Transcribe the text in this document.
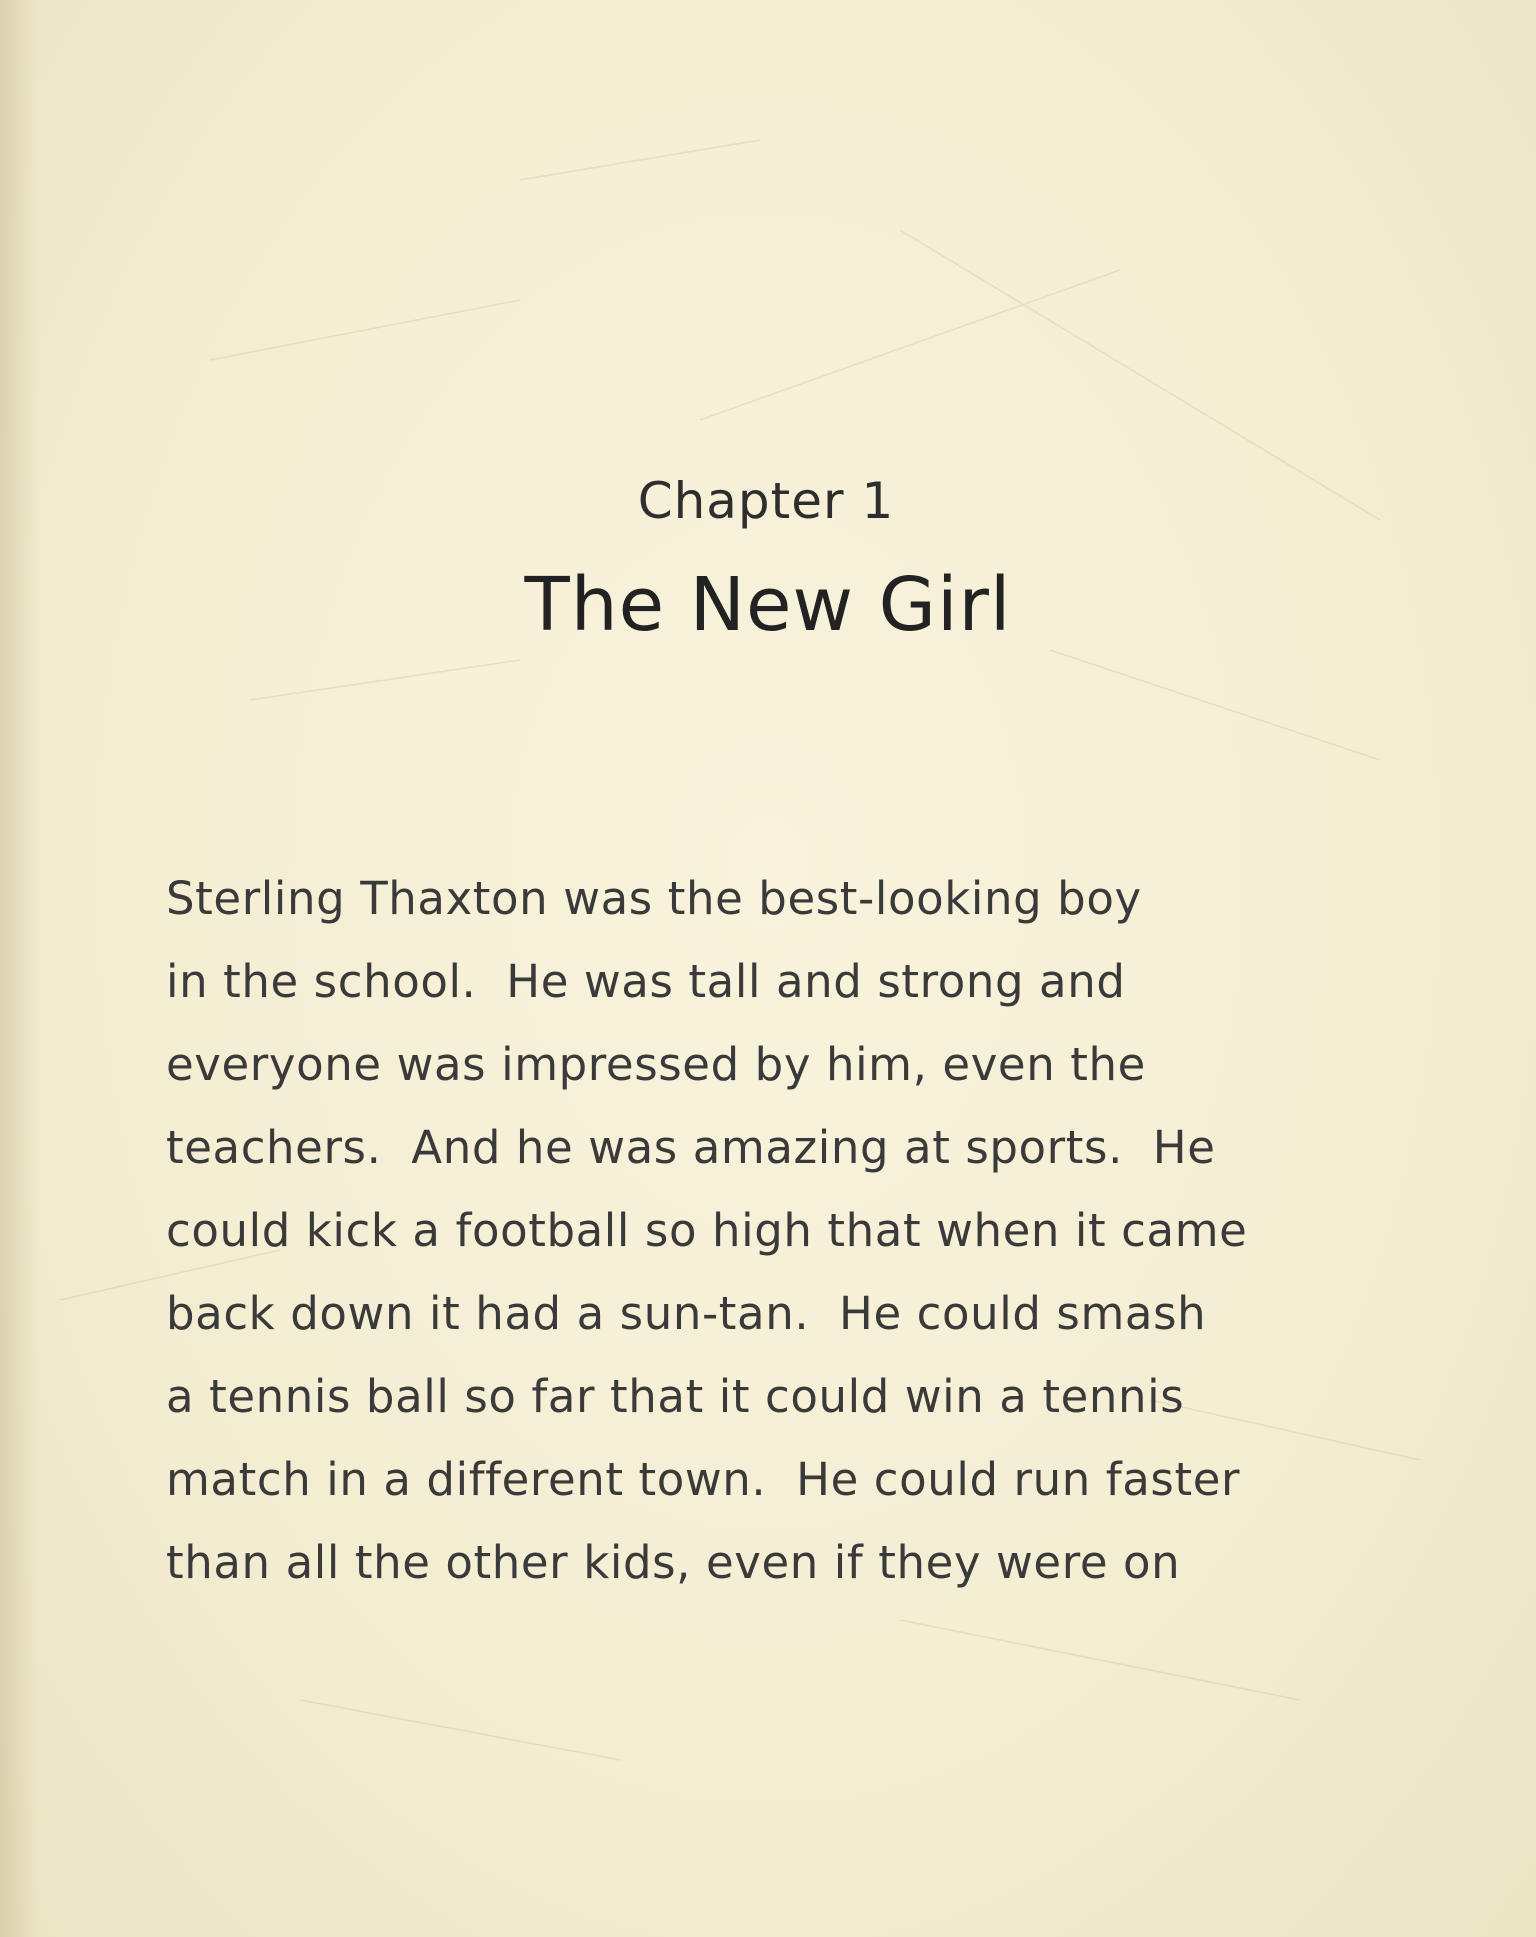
Chapter 1
The New Girl
Sterling Thaxton was the best-looking boy
in the school.  He was tall and strong and
everyone was impressed by him, even the
teachers.  And he was amazing at sports.  He
could kick a football so high that when it came
back down it had a sun-tan.  He could smash
a tennis ball so far that it could win a tennis
match in a different town.  He could run faster
than all the other kids, even if they were on
